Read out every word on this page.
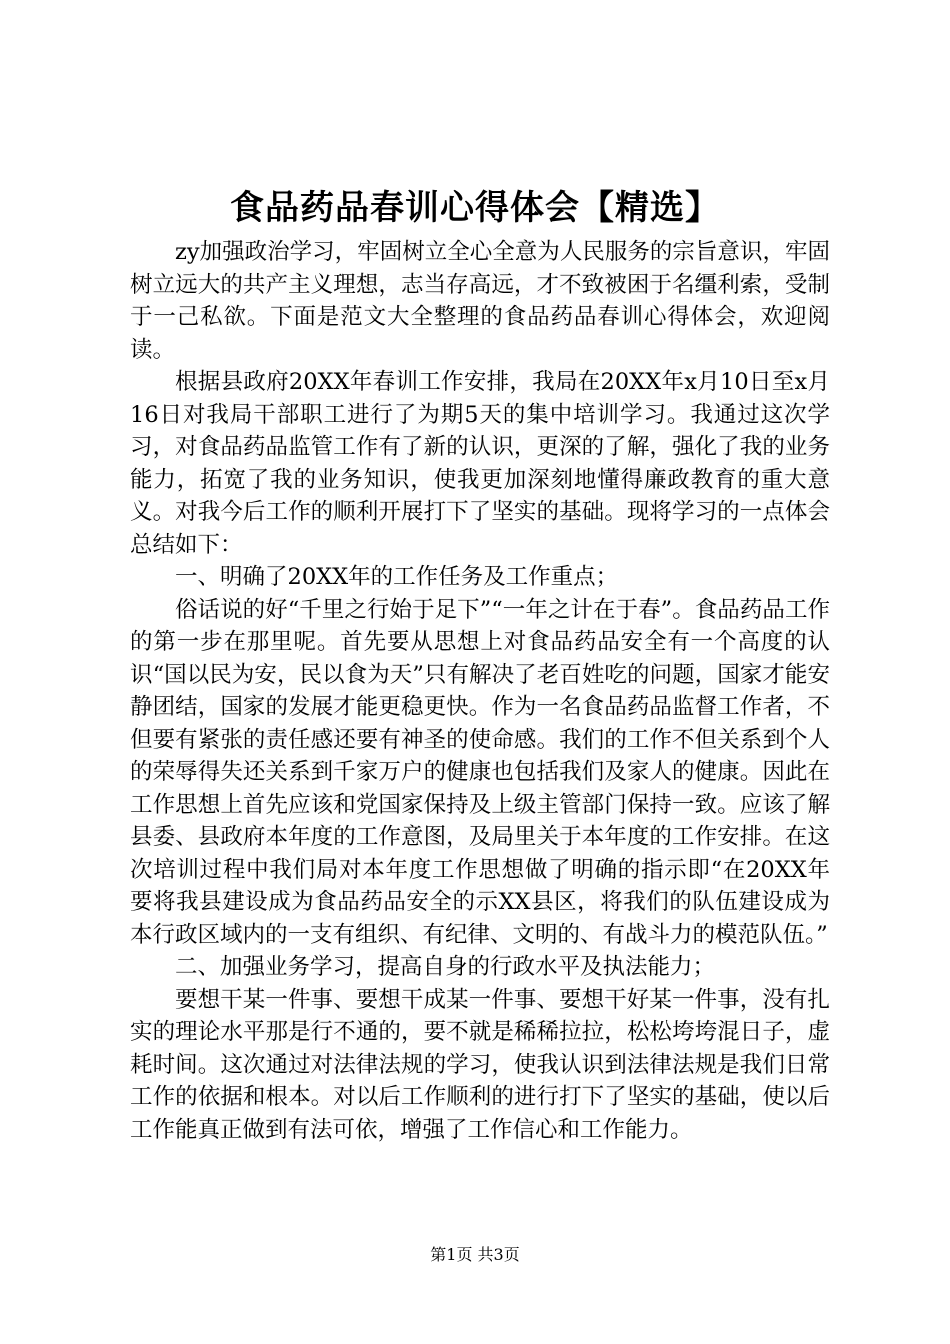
食品药品春训心得体会【精选】

zy加强政治学习，牢固树立全心全意为人民服务的宗旨意识，牢固树立远大的共产主义理想，志当存高远，才不致被困于名缰利索，受制于一己私欲。下面是范文大全整理的食品药品春训心得体会，欢迎阅读。

根据县政府20XX年春训工作安排，我局在20XX年x月10日至x月16日对我局干部职工进行了为期5天的集中培训学习。我通过这次学习，对食品药品监管工作有了新的认识，更深的了解，强化了我的业务能力，拓宽了我的业务知识，使我更加深刻地懂得廉政教育的重大意义。对我今后工作的顺利开展打下了坚实的基础。现将学习的一点体会总结如下：

一、明确了20XX年的工作任务及工作重点；

俗话说的好“千里之行始于足下”“一年之计在于春”。食品药品工作的第一步在那里呢。首先要从思想上对食品药品安全有一个高度的认识“国以民为安，民以食为天”只有解决了老百姓吃的问题，国家才能安静团结，国家的发展才能更稳更快。作为一名食品药品监督工作者，不但要有紧张的责任感还要有神圣的使命感。我们的工作不但关系到个人的荣辱得失还关系到千家万户的健康也包括我们及家人的健康。因此在工作思想上首先应该和党国家保持及上级主管部门保持一致。应该了解县委、县政府本年度的工作意图，及局里关于本年度的工作安排。在这次培训过程中我们局对本年度工作思想做了明确的指示即“在20XX年要将我县建设成为食品药品安全的示XX县区，将我们的队伍建设成为本行政区域内的一支有组织、有纪律、文明的、有战斗力的模范队伍。”

二、加强业务学习，提高自身的行政水平及执法能力；

要想干某一件事、要想干成某一件事、要想干好某一件事，没有扎实的理论水平那是行不通的，要不就是稀稀拉拉，松松垮垮混日子，虚耗时间。这次通过对法律法规的学习，使我认识到法律法规是我们日常工作的依据和根本。对以后工作顺利的进行打下了坚实的基础，使以后工作能真正做到有法可依，增强了工作信心和工作能力。

第1页 共3页
